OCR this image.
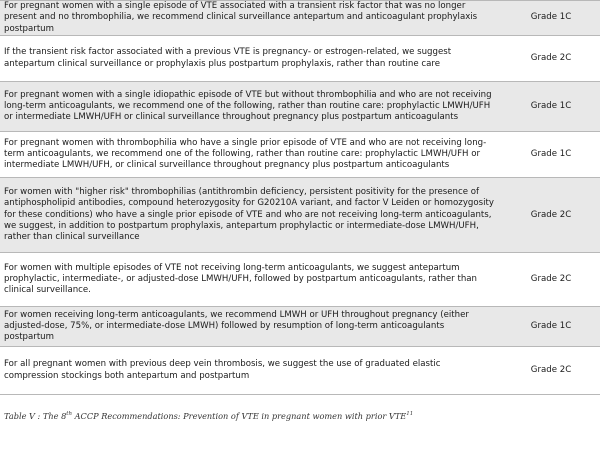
For pregnant women with a single episode of VTE associated with a transient risk factor that was no longer present and no thrombophilia, we recommend clinical surveillance antepartum and anticoagulant prophylaxis postpartum	Grade 1C
If the transient risk factor associated with a previous VTE is pregnancy- or estrogen-related, we suggest antepartum clinical surveillance or prophylaxis plus postpartum prophylaxis, rather than routine care	Grade 2C
For pregnant women with a single idiopathic episode of VTE but without thrombophilia and who are not receiving long-term anticoagulants, we recommend one of the following, rather than routine care: prophylactic LMWH/UFH or intermediate LMWH/UFH or clinical surveillance throughout pregnancy plus postpartum anticoagulants	Grade 1C
For pregnant women with thrombophilia who have a single prior episode of VTE and who are not receiving long-term anticoagulants, we recommend one of the following, rather than routine care: prophylactic LMWH/UFH or intermediate LMWH/UFH, or clinical surveillance throughout pregnancy plus postpartum anticoagulants	Grade 1C
For women with "higher risk" thrombophilias (antithrombin deficiency, persistent positivity for the presence of antiphospholipid antibodies, compound heterozygosity for G20210A variant, and factor V Leiden or homozygosity for these conditions) who have a single prior episode of VTE and who are not receiving long-term anticoagulants, we suggest, in addition to postpartum prophylaxis, antepartum prophylactic or intermediate-dose LMWH/UFH, rather than clinical surveillance	Grade 2C
For women with multiple episodes of VTE not receiving long-term anticoagulants, we suggest antepartum prophylactic, intermediate-, or adjusted-dose LMWH/UFH, followed by postpartum anticoagulants, rather than clinical surveillance.	Grade 2C
For women receiving long-term anticoagulants, we recommend LMWH or UFH throughout pregnancy (either adjusted-dose, 75%, or intermediate-dose LMWH) followed by resumption of long-term anticoagulants postpartum	Grade 1C
For all pregnant women with previous deep vein thrombosis, we suggest the use of graduated elastic compression stockings both antepartum and postpartum	Grade 2C
Table V : The 8th ACCP Recommendations: Prevention of VTE in pregnant women with prior VTE$^{11}$
